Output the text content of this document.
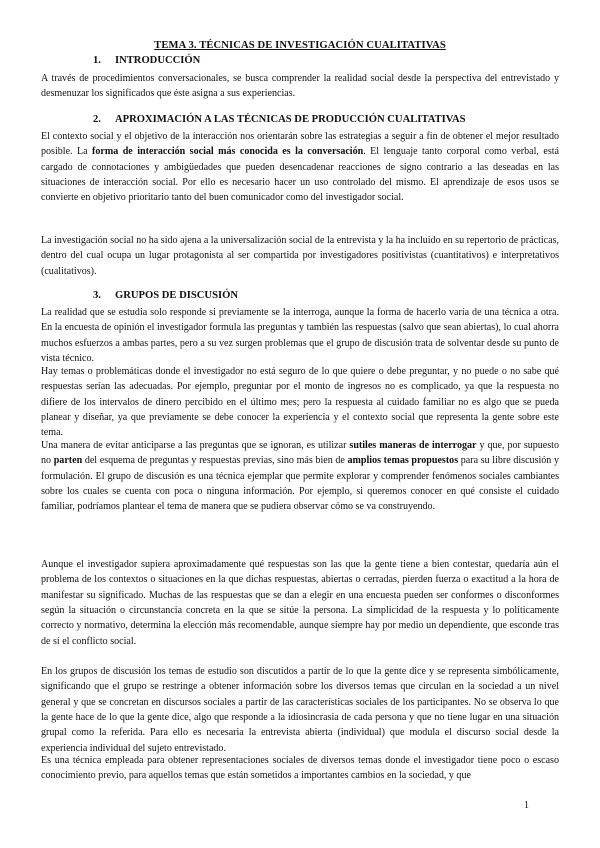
TEMA 3. TÉCNICAS DE INVESTIGACIÓN CUALITATIVAS
1. INTRODUCCIÓN

A través de procedimientos conversacionales, se busca comprender la realidad social desde la perspectiva del entrevistado y desmenuzar los significados que éste asigna a sus experiencias.

2. APROXIMACIÓN A LAS TÉCNICAS DE PRODUCCIÓN CUALITATIVAS

El contexto social y el objetivo de la interacción nos orientarán sobre las estrategias a seguir a fin de obtener el mejor resultado posible. La forma de interacción social más conocida es la conversación. El lenguaje tanto corporal como verbal, está cargado de connotaciones y ambigüedades que pueden desencadenar reacciones de signo contrario a las deseadas en las situaciones de interacción social. Por ello es necesario hacer un uso controlado del mismo. El aprendizaje de esos usos se convierte en objetivo prioritario tanto del buen comunicador como del investigador social.

La investigación social no ha sido ajena a la universalización social de la entrevista y la ha incluido en su repertorio de prácticas, dentro del cual ocupa un lugar protagonista al ser compartida por investigadores positivistas (cuantitativos) e interpretativos (cualitativos).

3. GRUPOS DE DISCUSIÓN

La realidad que se estudia solo responde si previamente se la interroga, aunque la forma de hacerlo varía de una técnica a otra. En la encuesta de opinión el investigador formula las preguntas y también las respuestas (salvo que sean abiertas), lo cual ahorra muchos esfuerzos a ambas partes, pero a su vez surgen problemas que el grupo de discusión trata de solventar desde su punto de vista técnico.

Hay temas o problemáticas donde el investigador no está seguro de lo que quiere o debe preguntar, y no puede o no sabe qué respuestas serían las adecuadas. Por ejemplo, preguntar por el monto de ingresos no es complicado, ya que la respuesta no difiere de los intervalos de dinero percibido en el último mes; pero la respuesta al cuidado familiar no es algo que se pueda planear y diseñar, ya que previamente se debe conocer la experiencia y el contexto social que representa la gente sobre este tema.

Una manera de evitar anticiparse a las preguntas que se ignoran, es utilizar sutiles maneras de interrogar y que, por supuesto no parten del esquema de preguntas y respuestas previas, sino más bien de amplios temas propuestos para su libre discusión y formulación. El grupo de discusión es una técnica ejemplar que permite explorar y comprender fenómenos sociales cambiantes sobre los cuales se cuenta con poca o ninguna información. Por ejemplo, si queremos conocer en qué consiste el cuidado familiar, podríamos plantear el tema de manera que se pudiera observar cómo se va construyendo.

Aunque el investigador supiera aproximadamente qué respuestas son las que la gente tiene a bien contestar, quedaría aún el problema de los contextos o situaciones en la que dichas respuestas, abiertas o cerradas, pierden fuerza o exactitud a la hora de manifestar su significado. Muchas de las respuestas que se dan a elegir en una encuesta pueden ser conformes o disconformes según la situación o circunstancia concreta en la que se sitúe la persona. La simplicidad de la respuesta y lo políticamente correcto y normativo, determina la elección más recomendable, aunque siempre hay por medio un dependiente, que esconde tras de sí el conflicto social.

En los grupos de discusión los temas de estudio son discutidos a partir de lo que la gente dice y se representa simbólicamente, significando que el grupo se restringe a obtener información sobre los diversos temas que circulan en la sociedad a un nivel general y que se concretan en discursos sociales a partir de las características sociales de los participantes. No se observa lo que la gente hace de lo que la gente dice, algo que responde a la idiosincrasia de cada persona y que no tiene lugar en una situación grupal como la referida. Para ello es necesaria la entrevista abierta (individual) que modula el discurso social desde la experiencia individual del sujeto entrevistado.

Es una técnica empleada para obtener representaciones sociales de diversos temas donde el investigador tiene poco o escaso conocimiento previo, para aquellos temas que están sometidos a importantes cambios en la sociedad, y que

1
